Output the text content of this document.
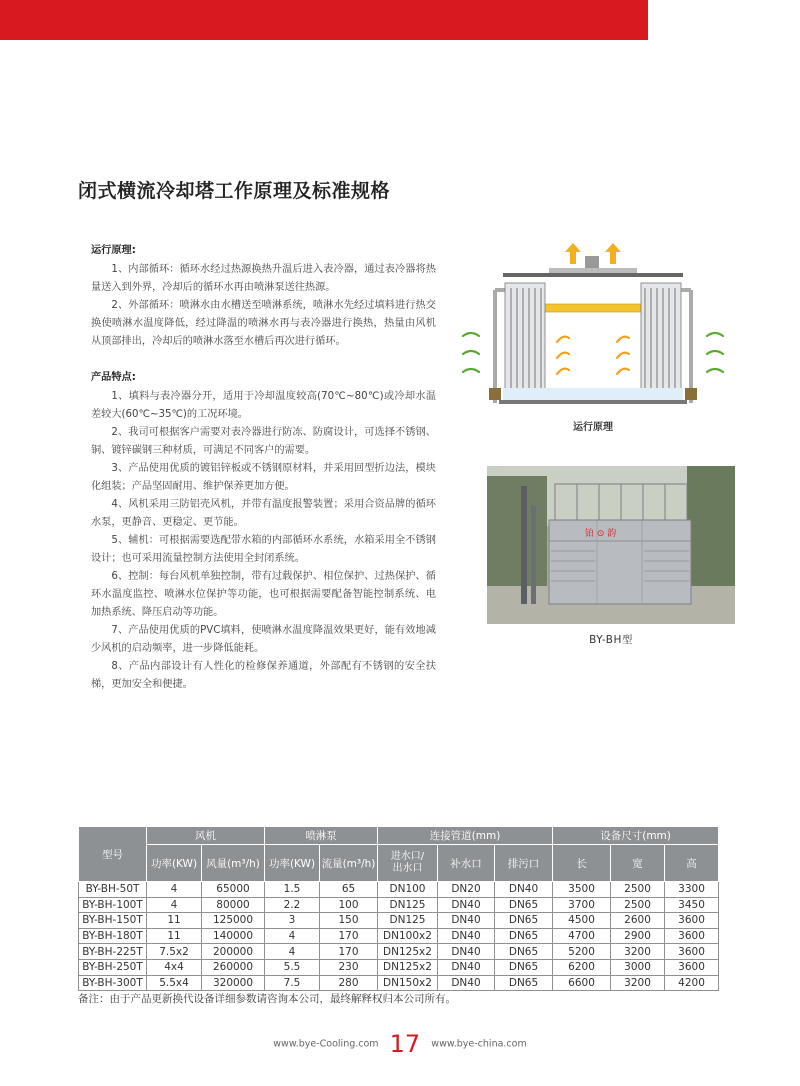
闭式横流冷却塔工作原理及标准规格
运行原理:

1、内部循环：循环水经过热源换热升温后进入表冷器，通过表冷器将热量送入到外界，冷却后的循环水再由喷淋泵送往热源。

2、外部循环：喷淋水由水槽送至喷淋系统，喷淋水先经过填料进行热交换使喷淋水温度降低，经过降温的喷淋水再与表冷器进行换热，热量由风机从顶部排出，冷却后的喷淋水落至水槽后再次进行循环。

产品特点:

1、填料与表冷器分开，适用于冷却温度较高(70℃~80℃)或冷却水温差较大(60℃~35℃)的工况环境。

2、我司可根据客户需要对表冷器进行防冻、防腐设计，可选择不锈钢、铜、镀锌碳钢三种材质，可满足不同客户的需要。

3、产品使用优质的镀铝锌板或不锈钢原材料，并采用回型折边法，模块化组装；产品坚固耐用、维护保养更加方便。

4、风机采用三防铝壳风机，并带有温度报警装置；采用合资品牌的循环水泵，更静音、更稳定、更节能。

5、辅机：可根据需要选配带水箱的内部循环水系统，水箱采用全不锈钢设计；也可采用流量控制方法使用全封闭系统。

6、控制：每台风机单独控制，带有过载保护、相位保护、过热保护、循环水温度监控、喷淋水位保护等功能，也可根据需要配备智能控制系统、电加热系统、降压启动等功能。

7、产品使用优质的PVC填料，使喷淋水温度降温效果更好，能有效地减少风机的启动频率，进一步降低能耗。

8、产品内部设计有人性化的检修保养通道，外部配有不锈钢的安全扶梯，更加安全和便捷。

运行原理
铂 ⊙ 韵
BY-BH型
型号	风机		喷淋泵		连接管道(mm)			设备尺寸(mm)		
	功率(KW)	风量(m³/h)	功率(KW)	流量(m³/h)	进水口/
出水口	补水口	排污口	长	宽	高
BY-BH-50T	4	65000	1.5	65	DN100	DN20	DN40	3500	2500	3300
BY-BH-100T	4	80000	2.2	100	DN125	DN40	DN65	3700	2500	3450
BY-BH-150T	11	125000	3	150	DN125	DN40	DN65	4500	2600	3600
BY-BH-180T	11	140000	4	170	DN100x2	DN40	DN65	4700	2900	3600
BY-BH-225T	7.5x2	200000	4	170	DN125x2	DN40	DN65	5200	3200	3600
BY-BH-250T	4x4	260000	5.5	230	DN125x2	DN40	DN65	6200	3000	3600
BY-BH-300T	5.5x4	320000	7.5	280	DN150x2	DN40	DN65	6600	3200	4200
备注：由于产品更新换代设备详细参数请咨询本公司，最终解释权归本公司所有。
www.bye-Cooling.com 17 www.bye-china.com
